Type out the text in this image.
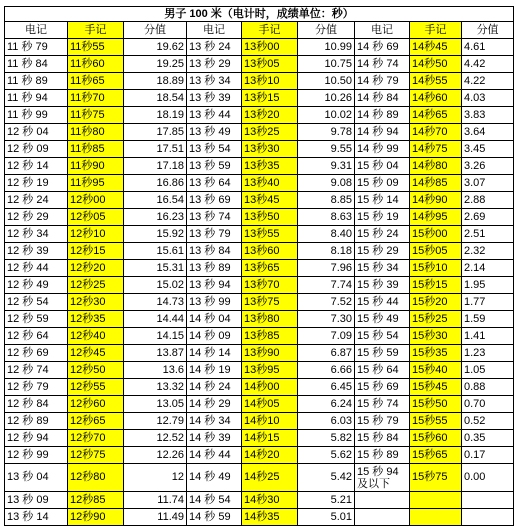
男子 100 米（电计时，成绩单位：秒）								
电记	手记	分值	电记	手记	分值	电记	手记	分值
11 秒 79	11秒55	19.62	13 秒 24	13秒00	10.99	14 秒 69	14秒45	4.61
11 秒 84	11秒60	19.25	13 秒 29	13秒05	10.75	14 秒 74	14秒50	4.42
11 秒 89	11秒65	18.89	13 秒 34	13秒10	10.50	14 秒 79	14秒55	4.22
11 秒 94	11秒70	18.54	13 秒 39	13秒15	10.26	14 秒 84	14秒60	4.03
11 秒 99	11秒75	18.19	13 秒 44	13秒20	10.02	14 秒 89	14秒65	3.83
12 秒 04	11秒80	17.85	13 秒 49	13秒25	9.78	14 秒 94	14秒70	3.64
12 秒 09	11秒85	17.51	13 秒 54	13秒30	9.55	14 秒 99	14秒75	3.45
12 秒 14	11秒90	17.18	13 秒 59	13秒35	9.31	15 秒 04	14秒80	3.26
12 秒 19	11秒95	16.86	13 秒 64	13秒40	9.08	15 秒 09	14秒85	3.07
12 秒 24	12秒00	16.54	13 秒 69	13秒45	8.85	15 秒 14	14秒90	2.88
12 秒 29	12秒05	16.23	13 秒 74	13秒50	8.63	15 秒 19	14秒95	2.69
12 秒 34	12秒10	15.92	13 秒 79	13秒55	8.40	15 秒 24	15秒00	2.51
12 秒 39	12秒15	15.61	13 秒 84	13秒60	8.18	15 秒 29	15秒05	2.32
12 秒 44	12秒20	15.31	13 秒 89	13秒65	7.96	15 秒 34	15秒10	2.14
12 秒 49	12秒25	15.02	13 秒 94	13秒70	7.74	15 秒 39	15秒15	1.95
12 秒 54	12秒30	14.73	13 秒 99	13秒75	7.52	15 秒 44	15秒20	1.77
12 秒 59	12秒35	14.44	14 秒 04	13秒80	7.30	15 秒 49	15秒25	1.59
12 秒 64	12秒40	14.15	14 秒 09	13秒85	7.09	15 秒 54	15秒30	1.41
12 秒 69	12秒45	13.87	14 秒 14	13秒90	6.87	15 秒 59	15秒35	1.23
12 秒 74	12秒50	13.6	14 秒 19	13秒95	6.66	15 秒 64	15秒40	1.05
12 秒 79	12秒55	13.32	14 秒 24	14秒00	6.45	15 秒 69	15秒45	0.88
12 秒 84	12秒60	13.05	14 秒 29	14秒05	6.24	15 秒 74	15秒50	0.70
12 秒 89	12秒65	12.79	14 秒 34	14秒10	6.03	15 秒 79	15秒55	0.52
12 秒 94	12秒70	12.52	14 秒 39	14秒15	5.82	15 秒 84	15秒60	0.35
12 秒 99	12秒75	12.26	14 秒 44	14秒20	5.62	15 秒 89	15秒65	0.17
13 秒 04	12秒80	12	14 秒 49	14秒25	5.42	15 秒 94 及以下	15秒75	0.00
13 秒 09	12秒85	11.74	14 秒 54	14秒30	5.21			
13 秒 14	12秒90	11.49	14 秒 59	14秒35	5.01			
